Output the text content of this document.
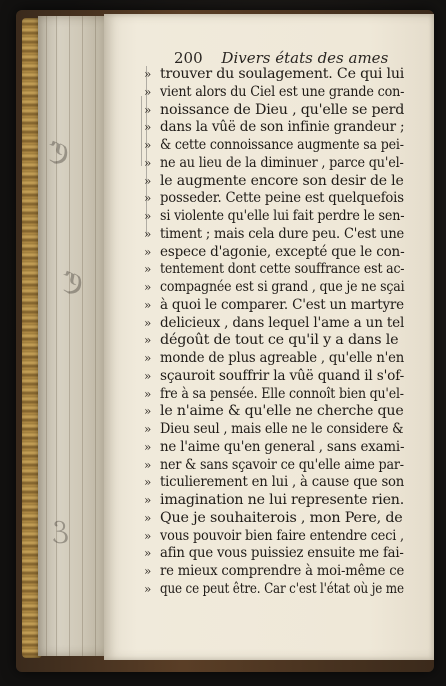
ℭ
ℭ
ℰ
200 Divers états des ames
» trouver du soulagement. Ce qui lui
» vient alors du Ciel est une grande con-
» noissance de Dieu , qu'elle se perd
» dans la vûë de son infinie grandeur ;
» & cette connoissance augmente sa pei-
» ne au lieu de la diminuer , parce qu'el-
» le augmente encore son desir de le
» posseder. Cette peine est quelquefois
» si violente qu'elle lui fait perdre le sen-
» timent ; mais cela dure peu. C'est une
» espece d'agonie, excepté que le con-
» tentement dont cette souffrance est ac-
» compagnée est si grand , que je ne sçai
» à quoi le comparer. C'est un martyre
» delicieux , dans lequel l'ame a un tel
» dégoût de tout ce qu'il y a dans le
» monde de plus agreable , qu'elle n'en
» sçauroit souffrir la vûë quand il s'of-
» fre à sa pensée. Elle connoît bien qu'el-
» le n'aime & qu'elle ne cherche que
» Dieu seul , mais elle ne le considere &
» ne l'aime qu'en general , sans exami-
» ner & sans sçavoir ce qu'elle aime par-
» ticulierement en lui , à cause que son
» imagination ne lui represente rien.
» Que je souhaiterois , mon Pere, de
» vous pouvoir bien faire entendre ceci ,
» afin que vous puissiez ensuite me fai-
» re mieux comprendre à moi-même ce
» que ce peut être. Car c'est l'état où je me
